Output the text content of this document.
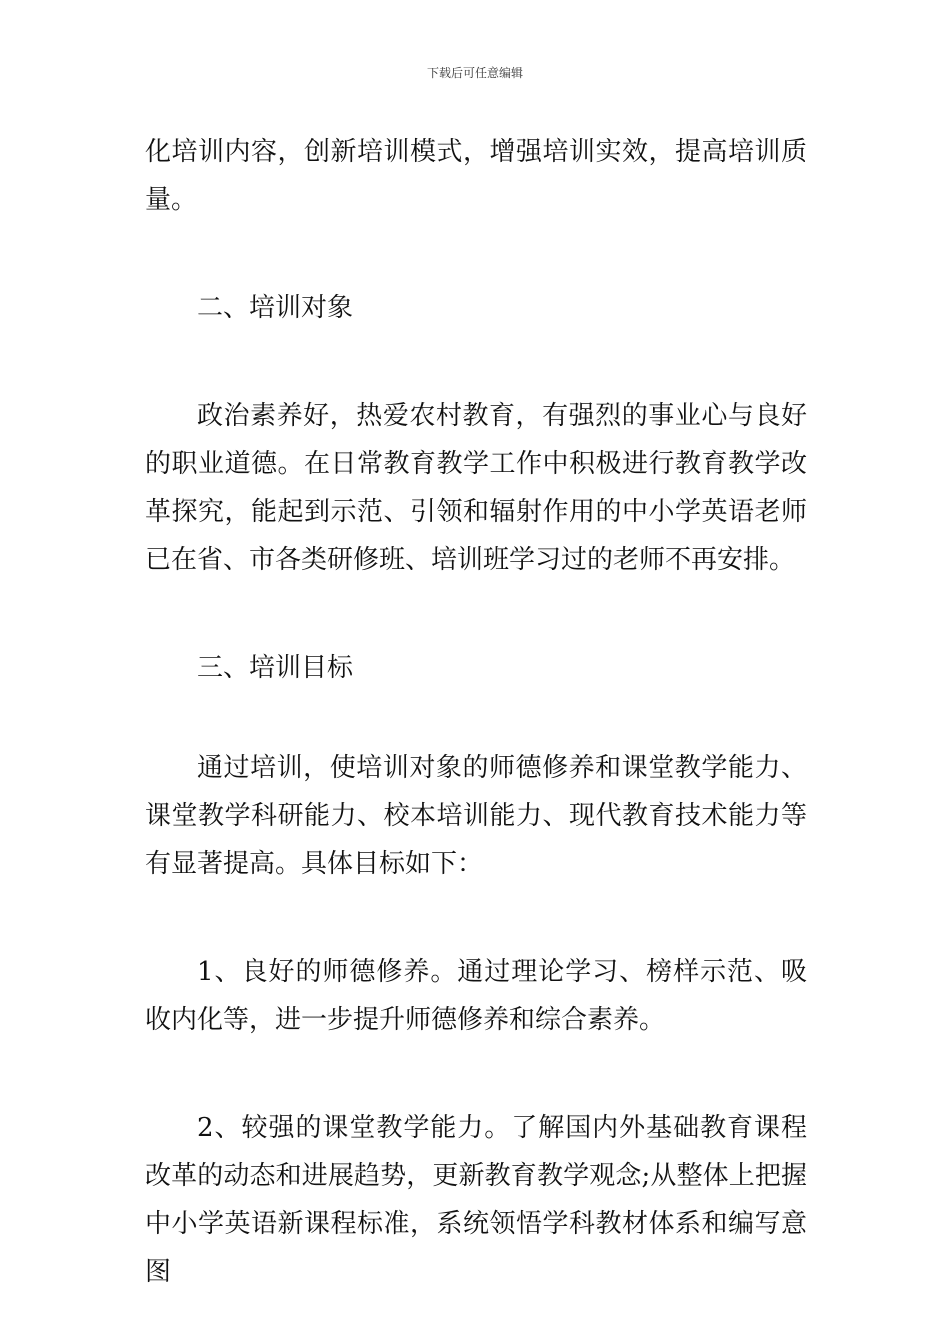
下载后可任意编辑

化培训内容，创新培训模式，增强培训实效，提高培训质量。

二、培训对象

政治素养好，热爱农村教育，有强烈的事业心与良好的职业道德。在日常教育教学工作中积极进行教育教学改革探究，能起到示范、引领和辐射作用的中小学英语老师已在省、市各类研修班、培训班学习过的老师不再安排。

三、培训目标

通过培训，使培训对象的师德修养和课堂教学能力、课堂教学科研能力、校本培训能力、现代教育技术能力等有显著提高。具体目标如下：

1、良好的师德修养。通过理论学习、榜样示范、吸收内化等，进一步提升师德修养和综合素养。

2、较强的课堂教学能力。了解国内外基础教育课程改革的动态和进展趋势，更新教育教学观念;从整体上把握中小学英语新课程标准，系统领悟学科教材体系和编写意图
